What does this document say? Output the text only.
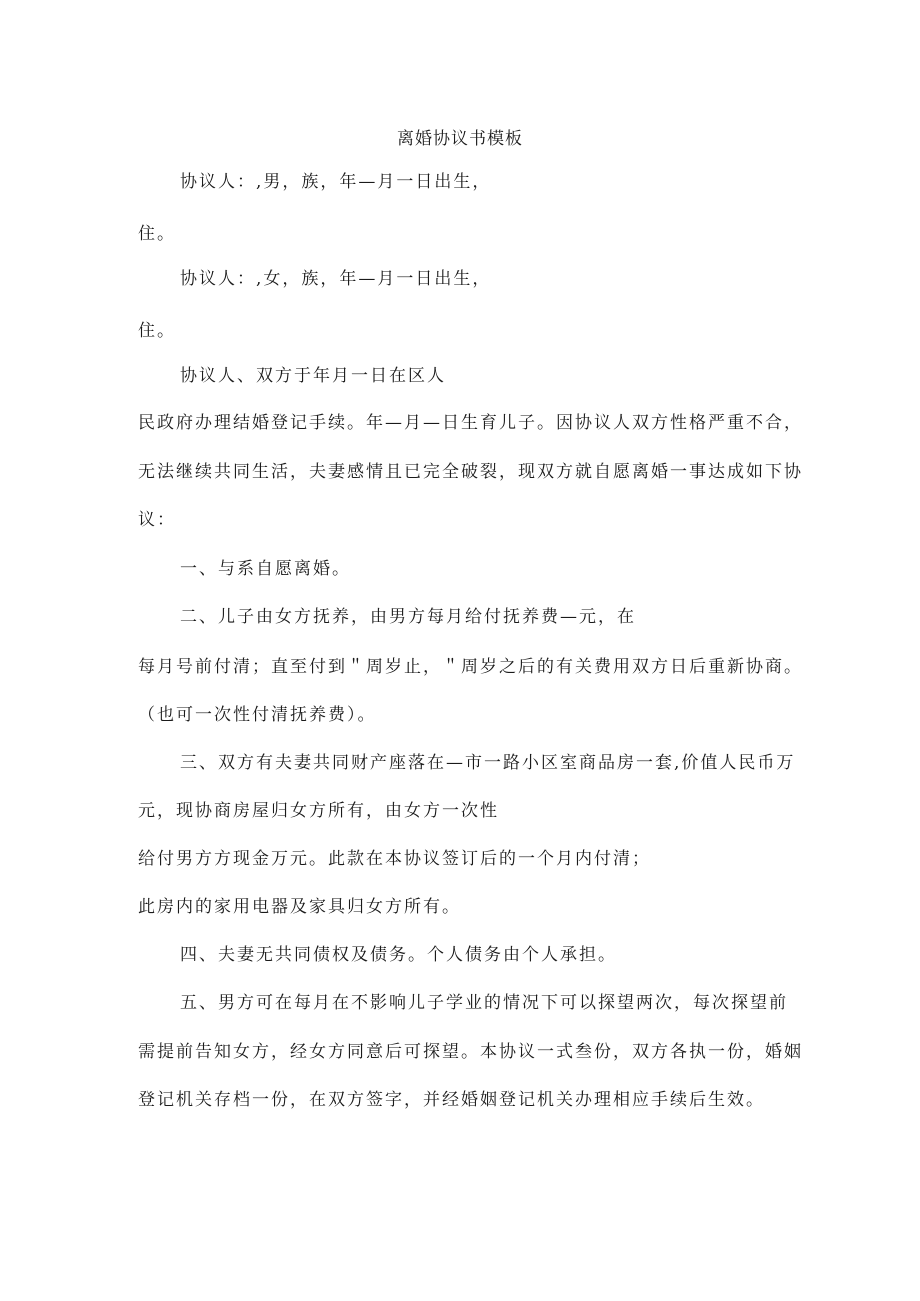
离婚协议书模板
协议人：,男，族，年—月一日出生，
住。
协议人：,女，族，年—月一日出生，
住。
协议人、双方于年月一日在区人
民政府办理结婚登记手续。年—月—日生育儿子。因协议人双方性格严重不合，
无法继续共同生活，夫妻感情且已完全破裂，现双方就自愿离婚一事达成如下协
议：
一、与系自愿离婚。
二、儿子由女方抚养，由男方每月给付抚养费—元，在
每月号前付清；直至付到＂周岁止，＂周岁之后的有关费用双方日后重新协商。
（也可一次性付清抚养费）。
三、双方有夫妻共同财产座落在—市一路小区室商品房一套,价值人民币万
元，现协商房屋归女方所有，由女方一次性
给付男方方现金万元。此款在本协议签订后的一个月内付清；
此房内的家用电器及家具归女方所有。
四、夫妻无共同债权及债务。个人债务由个人承担。
五、男方可在每月在不影响儿子学业的情况下可以探望两次，每次探望前
需提前告知女方，经女方同意后可探望。本协议一式叁份，双方各执一份，婚姻
登记机关存档一份，在双方签字，并经婚姻登记机关办理相应手续后生效。
